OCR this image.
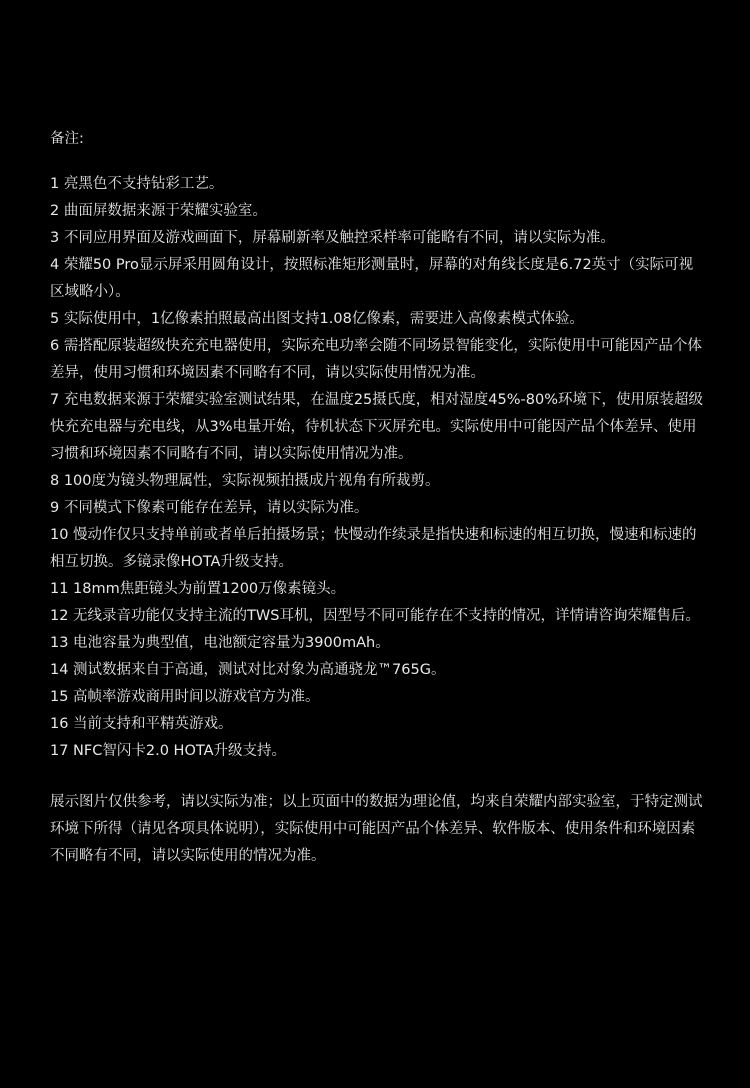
备注:
1 亮黑色不支持钻彩工艺。
2 曲面屏数据来源于荣耀实验室。
3 不同应用界面及游戏画面下，屏幕刷新率及触控采样率可能略有不同，请以实际为准。
4 荣耀50 Pro显示屏采用圆角设计，按照标准矩形测量时，屏幕的对角线长度是6.72英寸（实际可视区域略小）。
5 实际使用中，1亿像素拍照最高出图支持1.08亿像素，需要进入高像素模式体验。
6 需搭配原装超级快充充电器使用，实际充电功率会随不同场景智能变化，实际使用中可能因产品个体差异，使用习惯和环境因素不同略有不同，请以实际使用情况为准。
7 充电数据来源于荣耀实验室测试结果，在温度25摄氏度，相对湿度45%-80%环境下，使用原装超级快充充电器与充电线，从3%电量开始，待机状态下灭屏充电。实际使用中可能因产品个体差异、使用习惯和环境因素不同略有不同，请以实际使用情况为准。
8 100度为镜头物理属性，实际视频拍摄成片视角有所裁剪。
9 不同模式下像素可能存在差异，请以实际为准。
10 慢动作仅只支持单前或者单后拍摄场景；快慢动作续录是指快速和标速的相互切换，慢速和标速的相互切换。多镜录像HOTA升级支持。
11 18mm焦距镜头为前置1200万像素镜头。
12 无线录音功能仅支持主流的TWS耳机，因型号不同可能存在不支持的情况，详情请咨询荣耀售后。
13 电池容量为典型值，电池额定容量为3900mAh。
14 测试数据来自于高通，测试对比对象为高通骁龙™765G。
15 高帧率游戏商用时间以游戏官方为准。
16 当前支持和平精英游戏。
17 NFC智闪卡2.0 HOTA升级支持。
展示图片仅供参考，请以实际为准；以上页面中的数据为理论值，均来自荣耀内部实验室，于特定测试环境下所得（请见各项具体说明），实际使用中可能因产品个体差异、软件版本、使用条件和环境因素不同略有不同，请以实际使用的情况为准。
